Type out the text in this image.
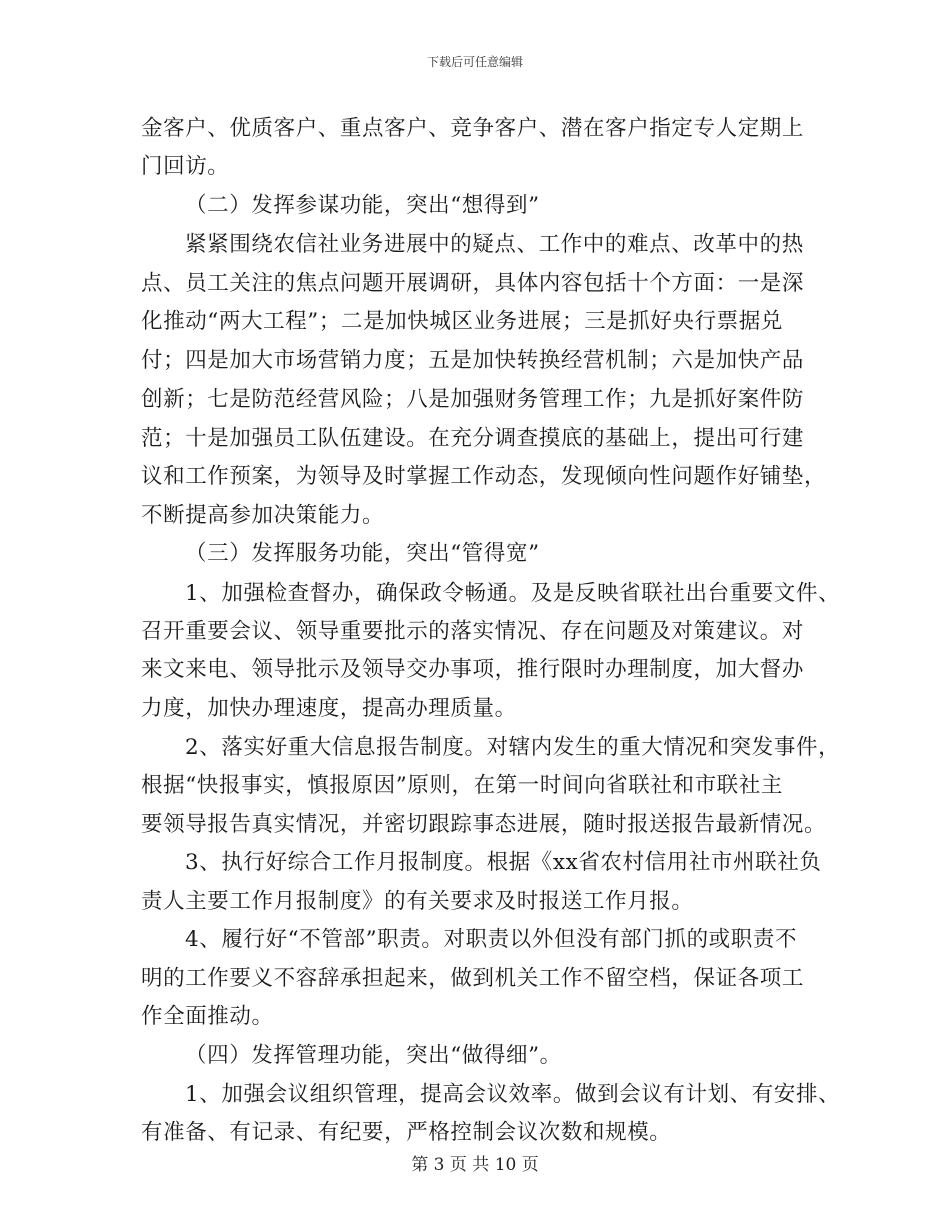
下载后可任意编辑
金客户、优质客户、重点客户、竞争客户、潜在客户指定专人定期上
门回访。
（二）发挥参谋功能，突出“想得到”
紧紧围绕农信社业务进展中的疑点、工作中的难点、改革中的热
点、员工关注的焦点问题开展调研，具体内容包括十个方面：一是深
化推动“两大工程”；二是加快城区业务进展；三是抓好央行票据兑
付；四是加大市场营销力度；五是加快转换经营机制；六是加快产品
创新；七是防范经营风险；八是加强财务管理工作；九是抓好案件防
范；十是加强员工队伍建设。在充分调查摸底的基础上，提出可行建
议和工作预案，为领导及时掌握工作动态，发现倾向性问题作好铺垫，
不断提高参加决策能力。
（三）发挥服务功能，突出“管得宽”
1、加强检查督办，确保政令畅通。及是反映省联社出台重要文件、
召开重要会议、领导重要批示的落实情况、存在问题及对策建议。对
来文来电、领导批示及领导交办事项，推行限时办理制度，加大督办
力度，加快办理速度，提高办理质量。
2、落实好重大信息报告制度。对辖内发生的重大情况和突发事件，
根据“快报事实，慎报原因”原则，在第一时间向省联社和市联社主
要领导报告真实情况，并密切跟踪事态进展，随时报送报告最新情况。
3、执行好综合工作月报制度。根据《xx省农村信用社市州联社负
责人主要工作月报制度》的有关要求及时报送工作月报。
4、履行好“不管部”职责。对职责以外但没有部门抓的或职责不
明的工作要义不容辞承担起来，做到机关工作不留空档，保证各项工
作全面推动。
（四）发挥管理功能，突出“做得细”。
1、加强会议组织管理，提高会议效率。做到会议有计划、有安排、
有准备、有记录、有纪要，严格控制会议次数和规模。
第 3 页 共 10 页
